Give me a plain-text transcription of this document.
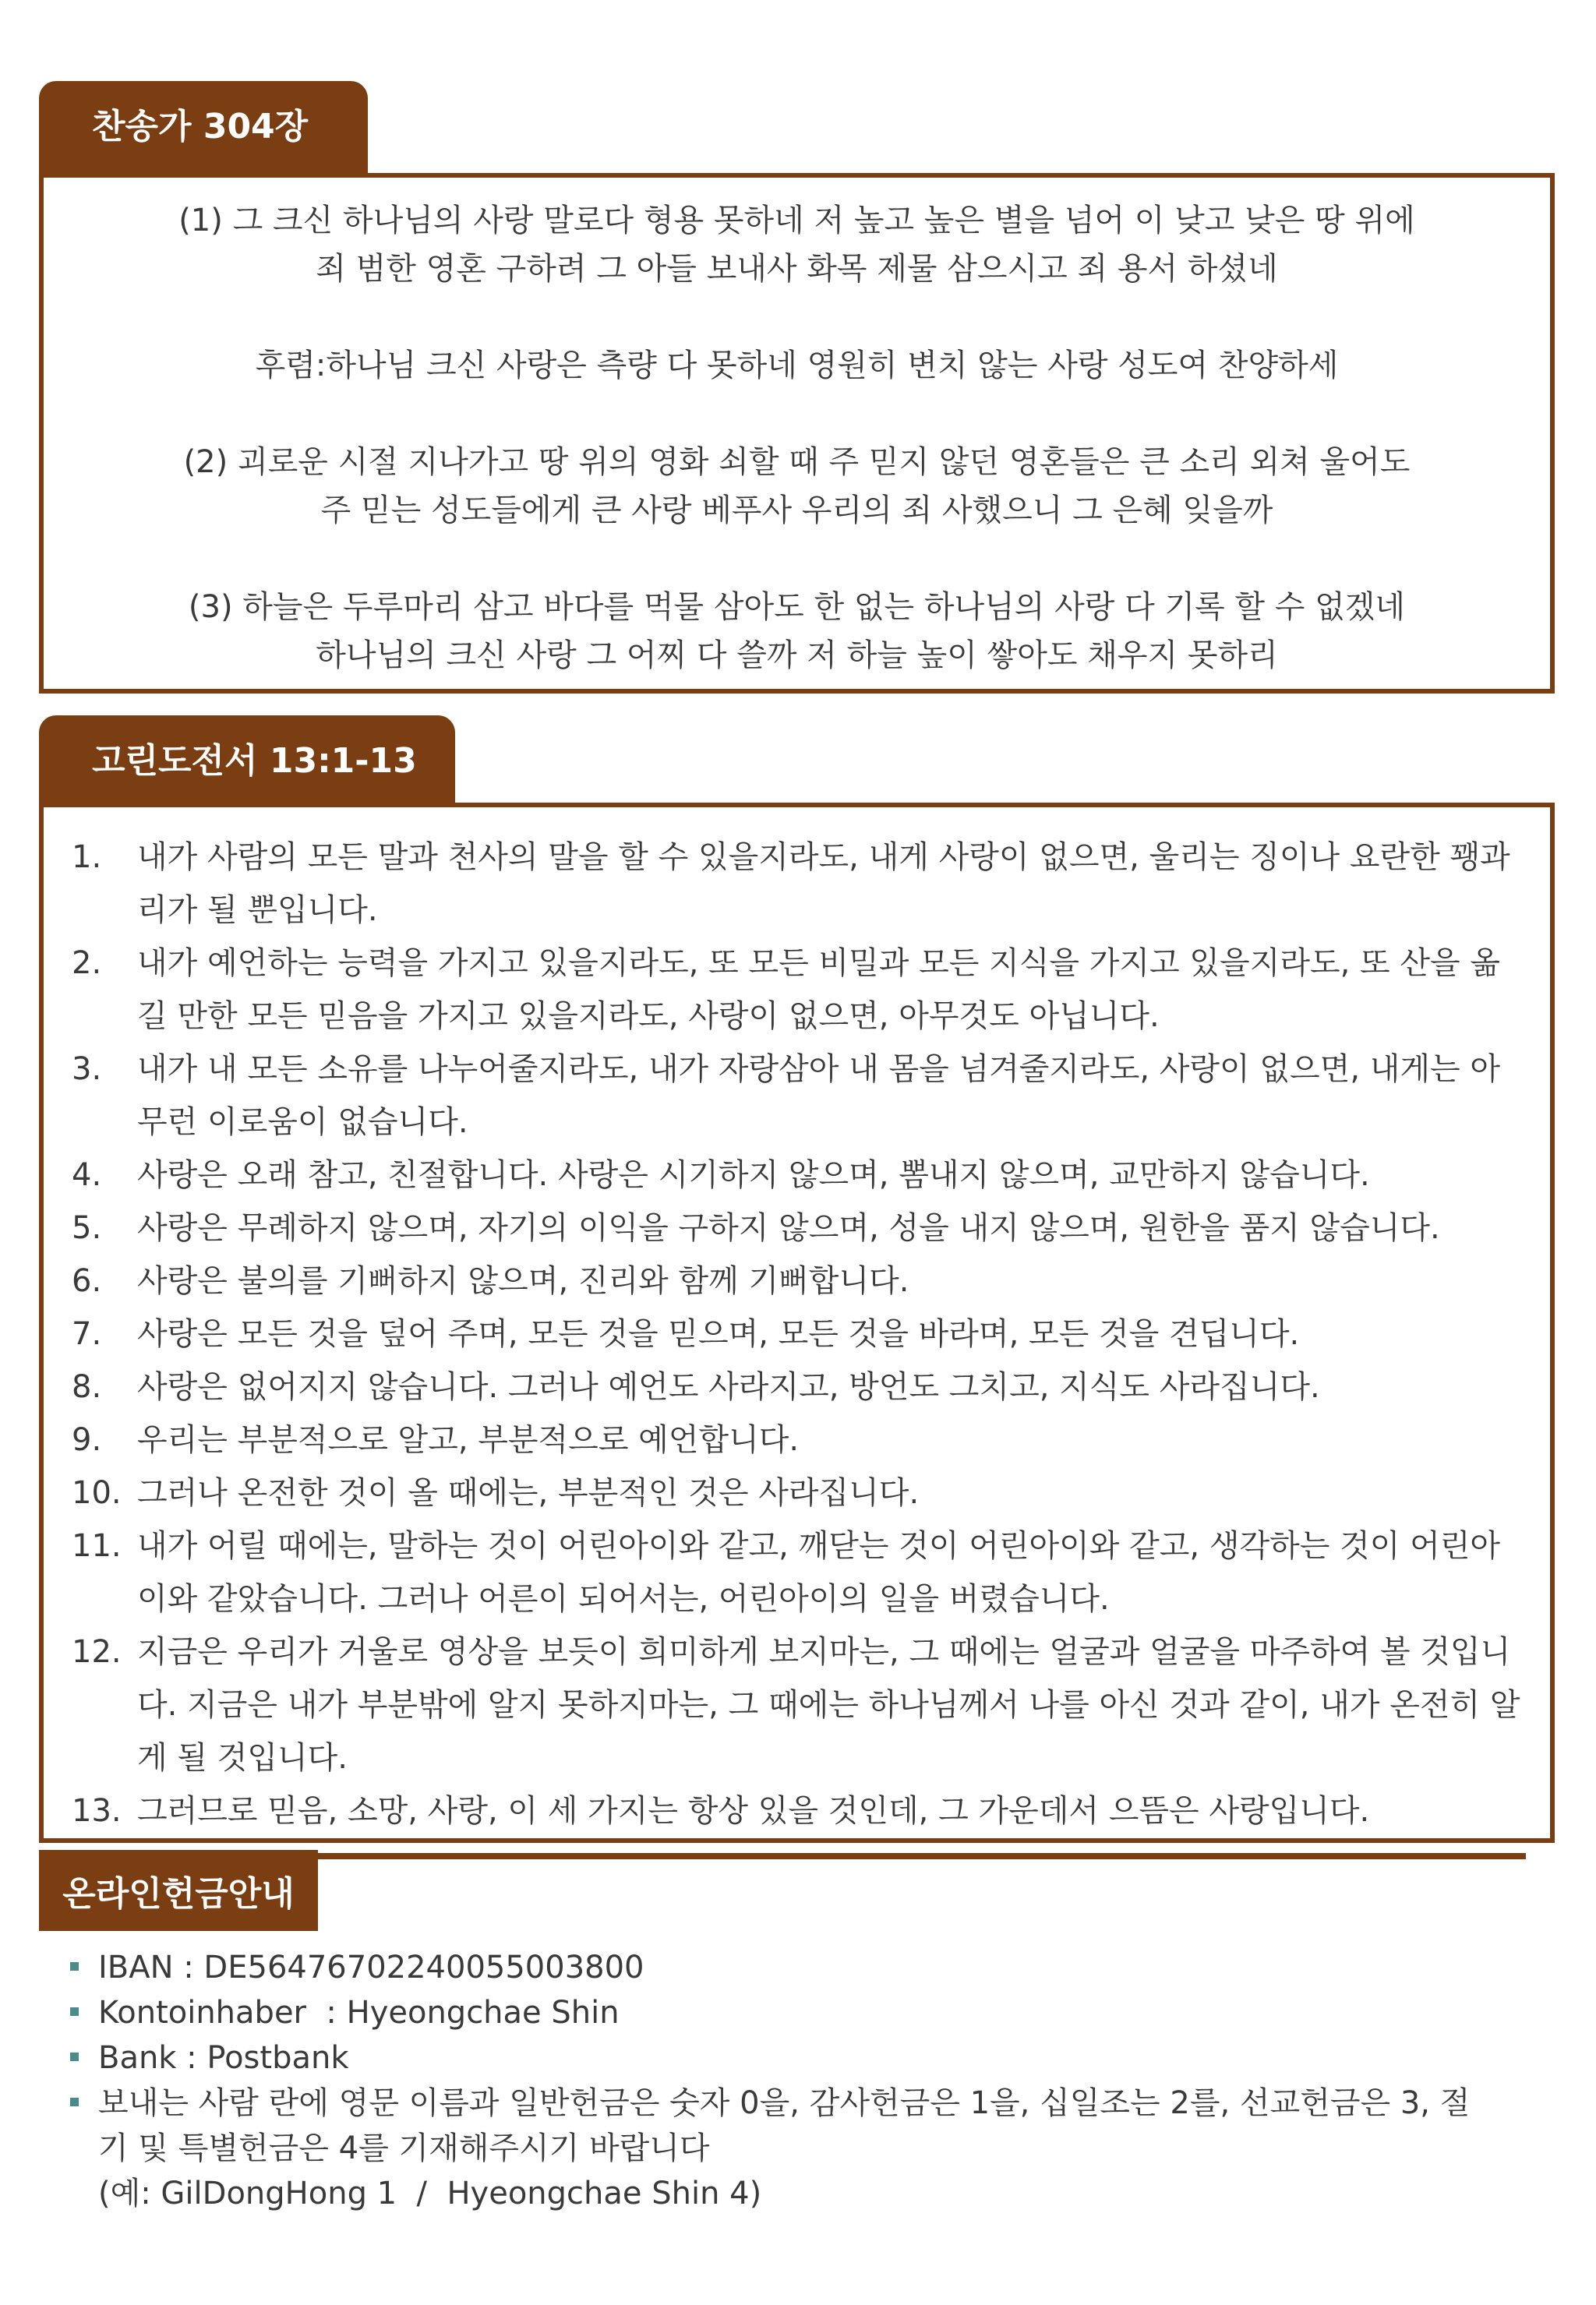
찬송가 304장

(1) 그 크신 하나님의 사랑 말로다 형용 못하네 저 높고 높은 별을 넘어 이 낮고 낮은 땅 위에

죄 범한 영혼 구하려 그 아들 보내사 화목 제물 삼으시고 죄 용서 하셨네

후렴:하나님 크신 사랑은 측량 다 못하네 영원히 변치 않는 사랑 성도여 찬양하세

(2) 괴로운 시절 지나가고 땅 위의 영화 쇠할 때 주 믿지 않던 영혼들은 큰 소리 외쳐 울어도

주 믿는 성도들에게 큰 사랑 베푸사 우리의 죄 사했으니 그 은혜 잊을까

(3) 하늘은 두루마리 삼고 바다를 먹물 삼아도 한 없는 하나님의 사랑 다 기록 할 수 없겠네

하나님의 크신 사랑 그 어찌 다 쓸까 저 하늘 높이 쌓아도 채우지 못하리

고린도전서 13:1-13
1. 내가 사람의 모든 말과 천사의 말을 할 수 있을지라도, 내게 사랑이 없으면, 울리는 징이나 요란한 꽹과리가 될 뿐입니다.
2. 내가 예언하는 능력을 가지고 있을지라도, 또 모든 비밀과 모든 지식을 가지고 있을지라도, 또 산을 옮길 만한 모든 믿음을 가지고 있을지라도, 사랑이 없으면, 아무것도 아닙니다.
3. 내가 내 모든 소유를 나누어줄지라도, 내가 자랑삼아 내 몸을 넘겨줄지라도, 사랑이 없으면, 내게는 아무런 이로움이 없습니다.
4. 사랑은 오래 참고, 친절합니다. 사랑은 시기하지 않으며, 뽐내지 않으며, 교만하지 않습니다.
5. 사랑은 무례하지 않으며, 자기의 이익을 구하지 않으며, 성을 내지 않으며, 원한을 품지 않습니다.
6. 사랑은 불의를 기뻐하지 않으며, 진리와 함께 기뻐합니다.
7. 사랑은 모든 것을 덮어 주며, 모든 것을 믿으며, 모든 것을 바라며, 모든 것을 견딥니다.
8. 사랑은 없어지지 않습니다. 그러나 예언도 사라지고, 방언도 그치고, 지식도 사라집니다.
9. 우리는 부분적으로 알고, 부분적으로 예언합니다.
10. 그러나 온전한 것이 올 때에는, 부분적인 것은 사라집니다.
11. 내가 어릴 때에는, 말하는 것이 어린아이와 같고, 깨닫는 것이 어린아이와 같고, 생각하는 것이 어린아이와 같았습니다. 그러나 어른이 되어서는, 어린아이의 일을 버렸습니다.
12. 지금은 우리가 거울로 영상을 보듯이 희미하게 보지마는, 그 때에는 얼굴과 얼굴을 마주하여 볼 것입니다. 지금은 내가 부분밖에 알지 못하지마는, 그 때에는 하나님께서 나를 아신 것과 같이, 내가 온전히 알게 될 것입니다.
13. 그러므로 믿음, 소망, 사랑, 이 세 가지는 항상 있을 것인데, 그 가운데서 으뜸은 사랑입니다.
온라인헌금안내
IBAN : DE56476702240055003800
Kontoinhaber  : Hyeongchae Shin
Bank : Postbank
보내는 사람 란에 영문 이름과 일반헌금은 숫자 0을, 감사헌금은 1을, 십일조는 2를, 선교헌금은 3, 절기 및 특별헌금은 4를 기재해주시기 바랍니다
(예: GilDongHong 1  /  Hyeongchae Shin 4)
